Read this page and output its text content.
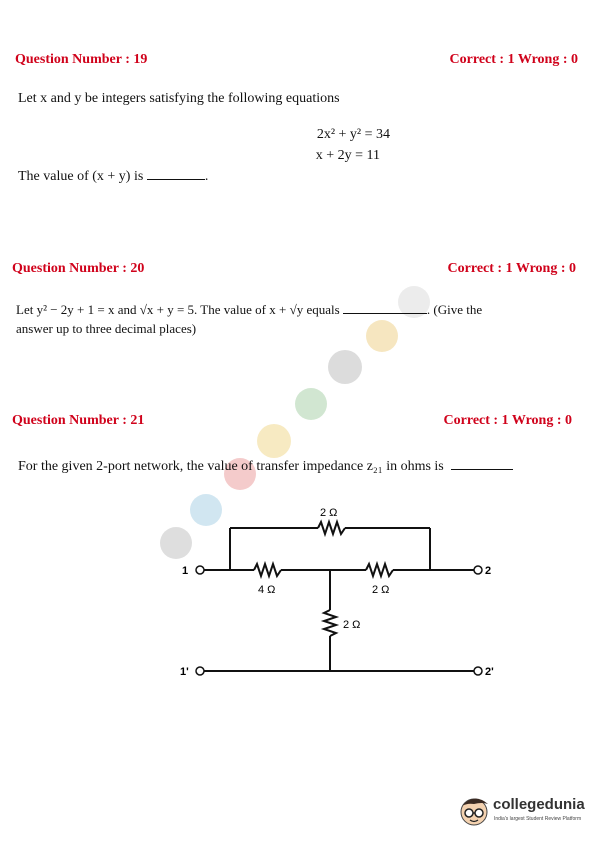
Question Number : 19	Correct : 1 Wrong : 0
Let x and y be integers satisfying the following equations
2x² + y² = 34
x + 2y = 11
The value of (x + y) is	.
Question Number : 20	Correct : 1 Wrong : 0
Let y² − 2y + 1 = x and √x + y = 5. The value of x + √y equals	. (Give the
answer up to three decimal places)
Question Number : 21	Correct : 1 Wrong : 0
For the given 2-port network, the value of transfer impedance z₂₁ in ohms is
2 Ω
4 Ω	2 Ω
2 Ω
1	2
1'	2'
collegedunia
India's largest Student Review Platform
